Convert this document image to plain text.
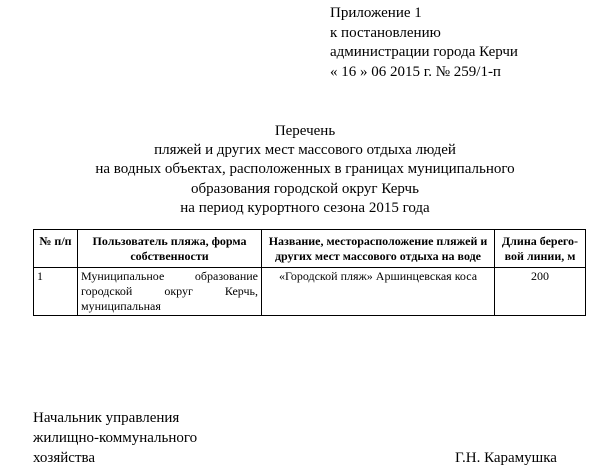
Приложение 1
к постановлению
администрации города Керчи
« 16 » 06 2015 г. № 259/1-п
Перечень
пляжей и других мест массового отдыха людей
на водных объектах, расположенных в границах муниципального
образования городской округ Керчь
на период курортного сезона 2015 года
№ п/п	Пользователь пляжа, форма собственности	Название, месторасположение пляжей и других мест массового отдыха на воде	Длина берего-вой линии, м
1	Муниципальное образование городской округ Керчь, муниципальная	«Городской пляж» Аршинцевская коса	200
Начальник управления
жилищно-коммунального
хозяйства	Г.Н. Карамушка
